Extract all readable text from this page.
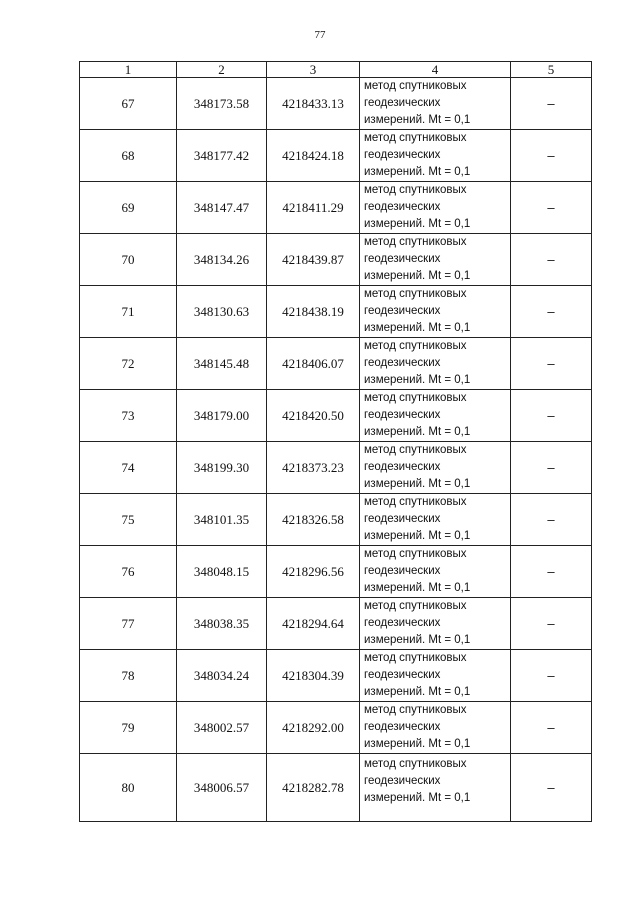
77
1	2	3	4	5
67	348173.58	4218433.13	метод спутниковых
геодезических
измерений. Mt = 0,1	–
68	348177.42	4218424.18	метод спутниковых
геодезических
измерений. Mt = 0,1	–
69	348147.47	4218411.29	метод спутниковых
геодезических
измерений. Mt = 0,1	–
70	348134.26	4218439.87	метод спутниковых
геодезических
измерений. Mt = 0,1	–
71	348130.63	4218438.19	метод спутниковых
геодезических
измерений. Mt = 0,1	–
72	348145.48	4218406.07	метод спутниковых
геодезических
измерений. Mt = 0,1	–
73	348179.00	4218420.50	метод спутниковых
геодезических
измерений. Mt = 0,1	–
74	348199.30	4218373.23	метод спутниковых
геодезических
измерений. Mt = 0,1	–
75	348101.35	4218326.58	метод спутниковых
геодезических
измерений. Mt = 0,1	–
76	348048.15	4218296.56	метод спутниковых
геодезических
измерений. Mt = 0,1	–
77	348038.35	4218294.64	метод спутниковых
геодезических
измерений. Mt = 0,1	–
78	348034.24	4218304.39	метод спутниковых
геодезических
измерений. Mt = 0,1	–
79	348002.57	4218292.00	метод спутниковых
геодезических
измерений. Mt = 0,1	–
80	348006.57	4218282.78	метод спутниковых
геодезических
измерений. Mt = 0,1	–
